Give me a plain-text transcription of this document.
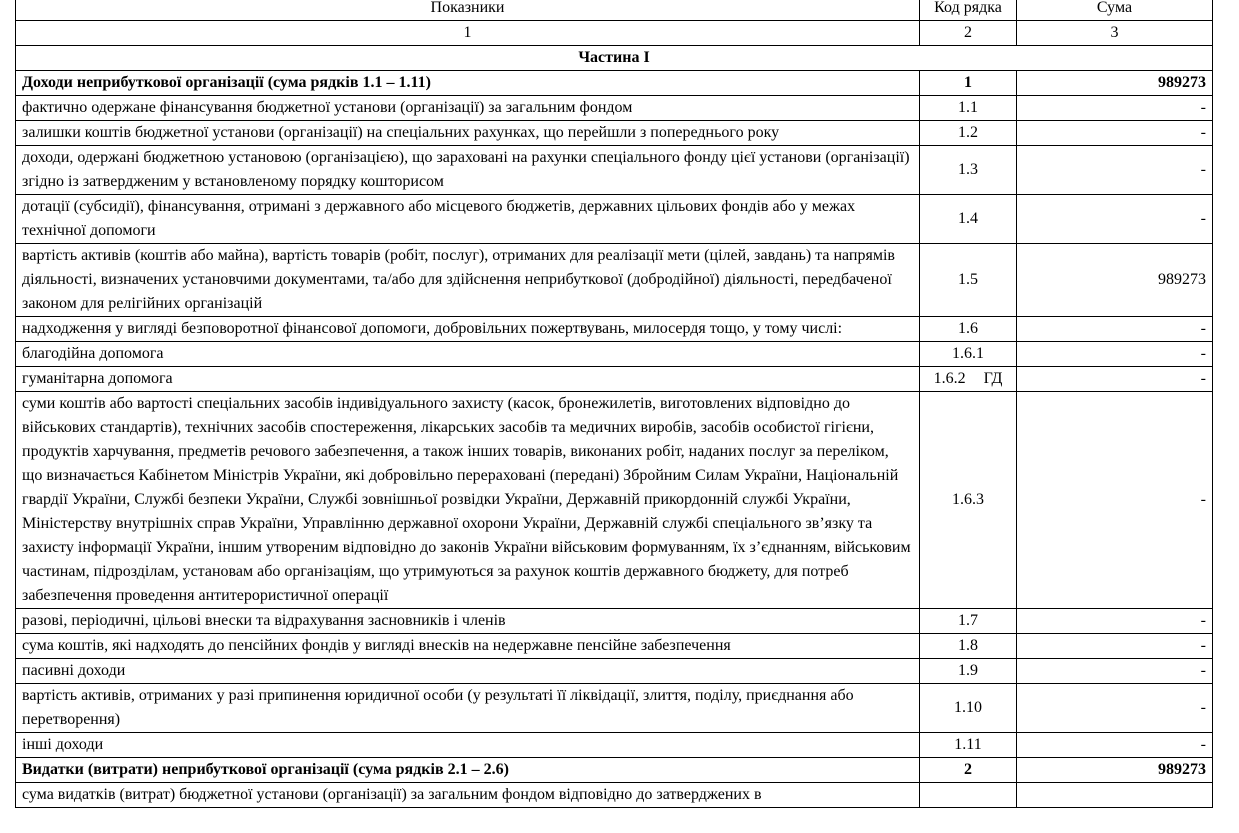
Показники	Код рядка	Сума
1	2	3
Частина І		
Доходи неприбуткової організації (сума рядків 1.1 – 1.11)	1	989273
фактично одержане фінансування бюджетної установи (організації) за загальним фондом	1.1	-
залишки коштів бюджетної установи (організації) на спеціальних рахунках, що перейшли з попереднього року	1.2	-
доходи, одержані бюджетною установою (організацією), що зараховані на рахунки спеціального фонду цієї установи (організації) згідно із затвердженим у встановленому порядку кошторисом	1.3	-
дотації (субсидії), фінансування, отримані з державного або місцевого бюджетів, державних цільових фондів або у межах технічної допомоги	1.4	-
вартість активів (коштів або майна), вартість товарів (робіт, послуг), отриманих для реалізації мети (цілей, завдань) та напрямів діяльності, визначених установчими документами, та/або для здійснення неприбуткової (добродійної) діяльності, передбаченої законом для релігійних організацій	1.5	989273
надходження у вигляді безповоротної фінансової допомоги, добровільних пожертвувань, милосердя тощо, у тому числі:	1.6	-
благодійна допомога	1.6.1	-
гуманітарна допомога	1.6.2 ГД	-
суми коштів або вартості спеціальних засобів індивідуального захисту (касок, бронежилетів, виготовлених відповідно до військових стандартів), технічних засобів спостереження, лікарських засобів та медичних виробів, засобів особистої гігієни, продуктів харчування, предметів речового забезпечення, а також інших товарів, виконаних робіт, наданих послуг за переліком, що визначається Кабінетом Міністрів України, які добровільно перераховані (передані) Збройним Силам України, Національній гвардії України, Службі безпеки України, Службі зовнішньої розвідки України, Державній прикордонній службі України, Міністерству внутрішніх справ України, Управлінню державної охорони України, Державній службі спеціального зв’язку та захисту інформації України, іншим утвореним відповідно до законів України військовим формуванням, їх з’єднанням, військовим частинам, підрозділам, установам або організаціям, що утримуються за рахунок коштів державного бюджету, для потреб забезпечення проведення антитерористичної операції	1.6.3	-
разові, періодичні, цільові внески та відрахування засновників і членів	1.7	-
сума коштів, які надходять до пенсійних фондів у вигляді внесків на недержавне пенсійне забезпечення	1.8	-
пасивні доходи	1.9	-
вартість активів, отриманих у разі припинення юридичної особи (у результаті її ліквідації, злиття, поділу, приєднання або перетворення)	1.10	-
інші доходи	1.11	-
Видатки (витрати) неприбуткової організації (сума рядків 2.1 – 2.6)	2	989273
сума видатків (витрат) бюджетної установи (організації) за загальним фондом відповідно до затверджених в		
